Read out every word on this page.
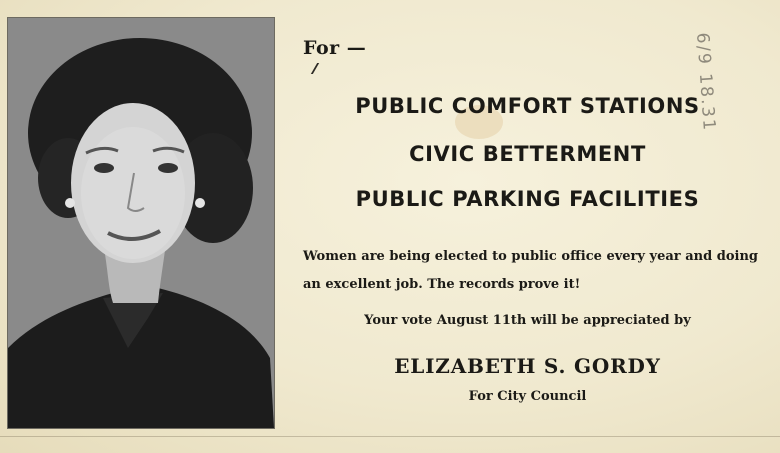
For —
PUBLIC COMFORT STATIONS
CIVIC BETTERMENT
PUBLIC PARKING FACILITIES
Women are being elected to public office every year and doing an excellent job. The records prove it!
Your vote August 11th will be appreciated by
ELIZABETH S. GORDY
For City Council
6/9 18.31
